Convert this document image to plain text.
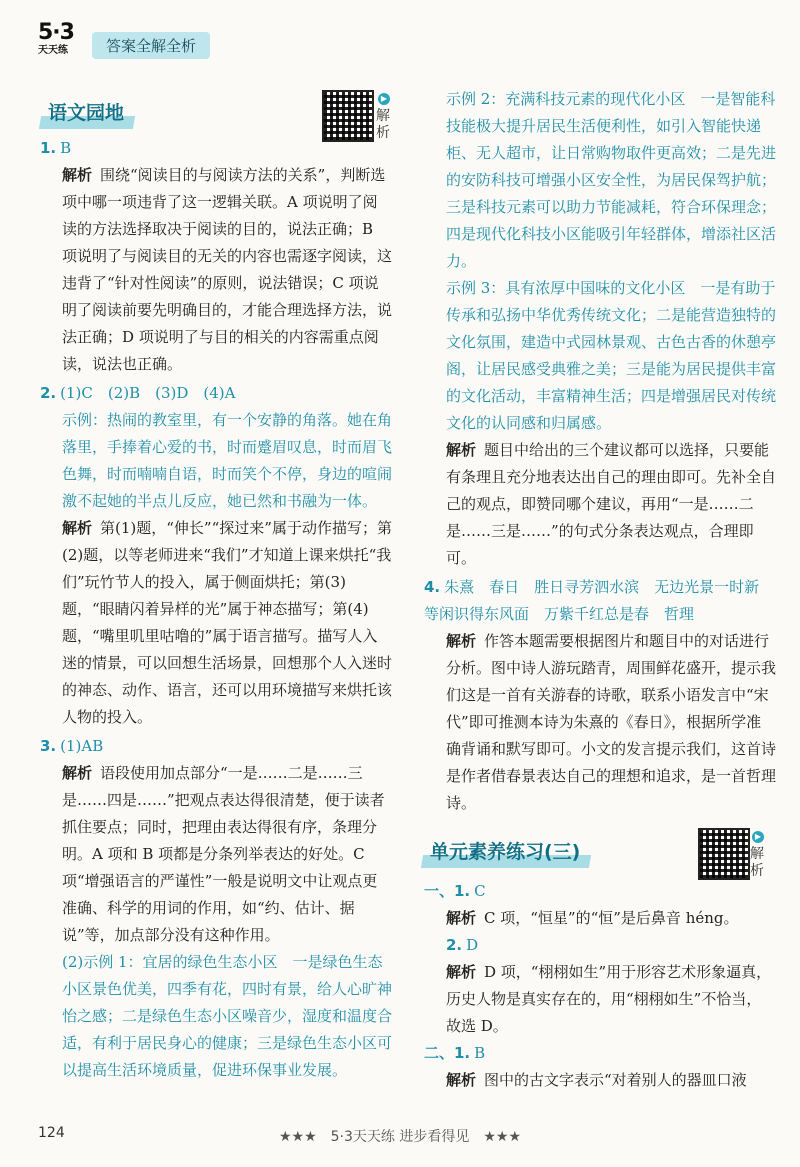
5·3
天天练	答案全解全析
语文园地

1. B

解析 围绕“阅读目的与阅读方法的关系”，判断选项中哪一项违背了这一逻辑关联。A 项说明了阅读的方法选择取决于阅读的目的，说法正确；B 项说明了与阅读目的无关的内容也需逐字阅读，这违背了“针对性阅读”的原则，说法错误；C 项说明了阅读前要先明确目的，才能合理选择方法，说法正确；D 项说明了与目的相关的内容需重点阅读，说法也正确。

2. (1)C　(2)B　(3)D　(4)A

示例：热闹的教室里，有一个安静的角落。她在角落里，手捧着心爱的书，时而蹙眉叹息，时而眉飞色舞，时而喃喃自语，时而笑个不停，身边的喧闹激不起她的半点儿反应，她已然和书融为一体。

解析 第(1)题，“伸长”“探过来”属于动作描写；第(2)题，以等老师进来“我们”才知道上课来烘托“我们”玩竹节人的投入，属于侧面烘托；第(3)题，“眼睛闪着异样的光”属于神态描写；第(4)题，“嘴里叽里咕噜的”属于语言描写。描写人入迷的情景，可以回想生活场景，回想那个人入迷时的神态、动作、语言，还可以用环境描写来烘托该人物的投入。

3. (1)AB

解析 语段使用加点部分“一是……二是……三是……四是……”把观点表达得很清楚，便于读者抓住要点；同时，把理由表达得很有序，条理分明。A 项和 B 项都是分条列举表达的好处。C 项“增强语言的严谨性”一般是说明文中让观点更准确、科学的用词的作用，如“约、估计、据说”等，加点部分没有这种作用。

(2)示例 1：宜居的绿色生态小区　一是绿色生态小区景色优美，四季有花，四时有景，给人心旷神怡之感；二是绿色生态小区噪音少，湿度和温度合适，有利于居民身心的健康；三是绿色生态小区可以提高生活环境质量，促进环保事业发展。

▶
解析

示例 2：充满科技元素的现代化小区　一是智能科技能极大提升居民生活便利性，如引入智能快递柜、无人超市，让日常购物取件更高效；二是先进的安防科技可增强小区安全性，为居民保驾护航；三是科技元素可以助力节能减耗，符合环保理念；四是现代化科技小区能吸引年轻群体，增添社区活力。

示例 3：具有浓厚中国味的文化小区　一是有助于传承和弘扬中华优秀传统文化；二是能营造独特的文化氛围，建造中式园林景观、古色古香的休憩亭阁，让居民感受典雅之美；三是能为居民提供丰富的文化活动，丰富精神生活；四是增强居民对传统文化的认同感和归属感。

解析 题目中给出的三个建议都可以选择，只要能有条理且充分地表达出自己的理由即可。先补全自己的观点，即赞同哪个建议，再用“一是……二是……三是……”的句式分条表达观点，合理即可。

4. 朱熹　春日　胜日寻芳泗水滨　无边光景一时新　等闲识得东风面　万紫千红总是春　哲理

解析 作答本题需要根据图片和题目中的对话进行分析。图中诗人游玩踏青，周围鲜花盛开，提示我们这是一首有关游春的诗歌，联系小语发言中“宋代”即可推测本诗为朱熹的《春日》，根据所学准确背诵和默写即可。小文的发言提示我们，这首诗是作者借春景表达自己的理想和追求，是一首哲理诗。

单元素养练习(三)

一、1. C

解析 C 项，“恒星”的“恒”是后鼻音 héng。

2. D

解析 D 项，“栩栩如生”用于形容艺术形象逼真，历史人物是真实存在的，用“栩栩如生”不恰当，故选 D。

二、1. B

解析 图中的古文字表示“对着别人的器皿口液

▶
解析
124	★★★　5·3天天练 进步看得见　★★★
